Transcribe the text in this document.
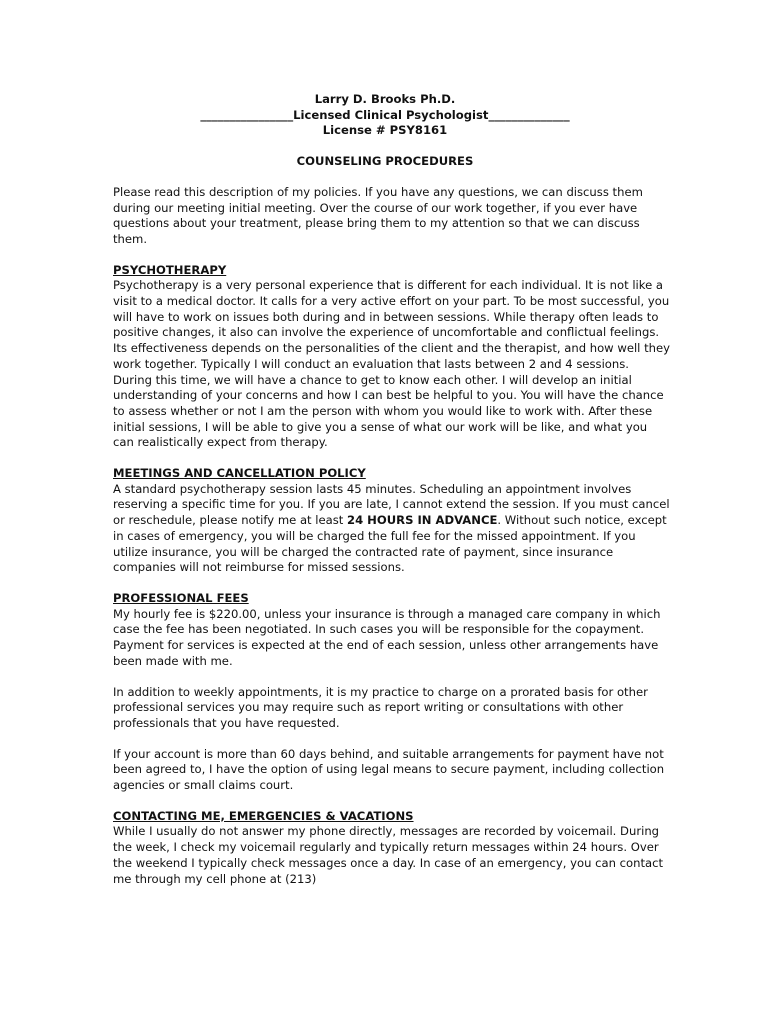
Larry D. Brooks Ph.D.
________________Licensed Clinical Psychologist______________
License # PSY8161
COUNSELING PROCEDURES

Please read this description of my policies. If you have any questions, we can discuss them during our meeting initial meeting. Over the course of our work together, if you ever have questions about your treatment, please bring them to my attention so that we can discuss them.

PSYCHOTHERAPY

Psychotherapy is a very personal experience that is different for each individual. It is not like a visit to a medical doctor. It calls for a very active effort on your part. To be most successful, you will have to work on issues both during and in between sessions. While therapy often leads to positive changes, it also can involve the experience of uncomfortable and conflictual feelings. Its effectiveness depends on the personalities of the client and the therapist, and how well they work together. Typically I will conduct an evaluation that lasts between 2 and 4 sessions. During this time, we will have a chance to get to know each other. I will develop an initial understanding of your concerns and how I can best be helpful to you. You will have the chance to assess whether or not I am the person with whom you would like to work with. After these initial sessions, I will be able to give you a sense of what our work will be like, and what you can realistically expect from therapy.

MEETINGS AND CANCELLATION POLICY

A standard psychotherapy session lasts 45 minutes. Scheduling an appointment involves reserving a specific time for you. If you are late, I cannot extend the session. If you must cancel or reschedule, please notify me at least 24 HOURS IN ADVANCE. Without such notice, except in cases of emergency, you will be charged the full fee for the missed appointment. If you utilize insurance, you will be charged the contracted rate of payment, since insurance companies will not reimburse for missed sessions.

PROFESSIONAL FEES

My hourly fee is $220.00, unless your insurance is through a managed care company in which case the fee has been negotiated. In such cases you will be responsible for the copayment. Payment for services is expected at the end of each session, unless other arrangements have been made with me.

In addition to weekly appointments, it is my practice to charge on a prorated basis for other professional services you may require such as report writing or consultations with other professionals that you have requested.

If your account is more than 60 days behind, and suitable arrangements for payment have not been agreed to, I have the option of using legal means to secure payment, including collection agencies or small claims court.

CONTACTING ME, EMERGENCIES & VACATIONS

While I usually do not answer my phone directly, messages are recorded by voicemail. During the week, I check my voicemail regularly and typically return messages within 24 hours. Over the weekend I typically check messages once a day. In case of an emergency, you can contact me through my cell phone at (213)
